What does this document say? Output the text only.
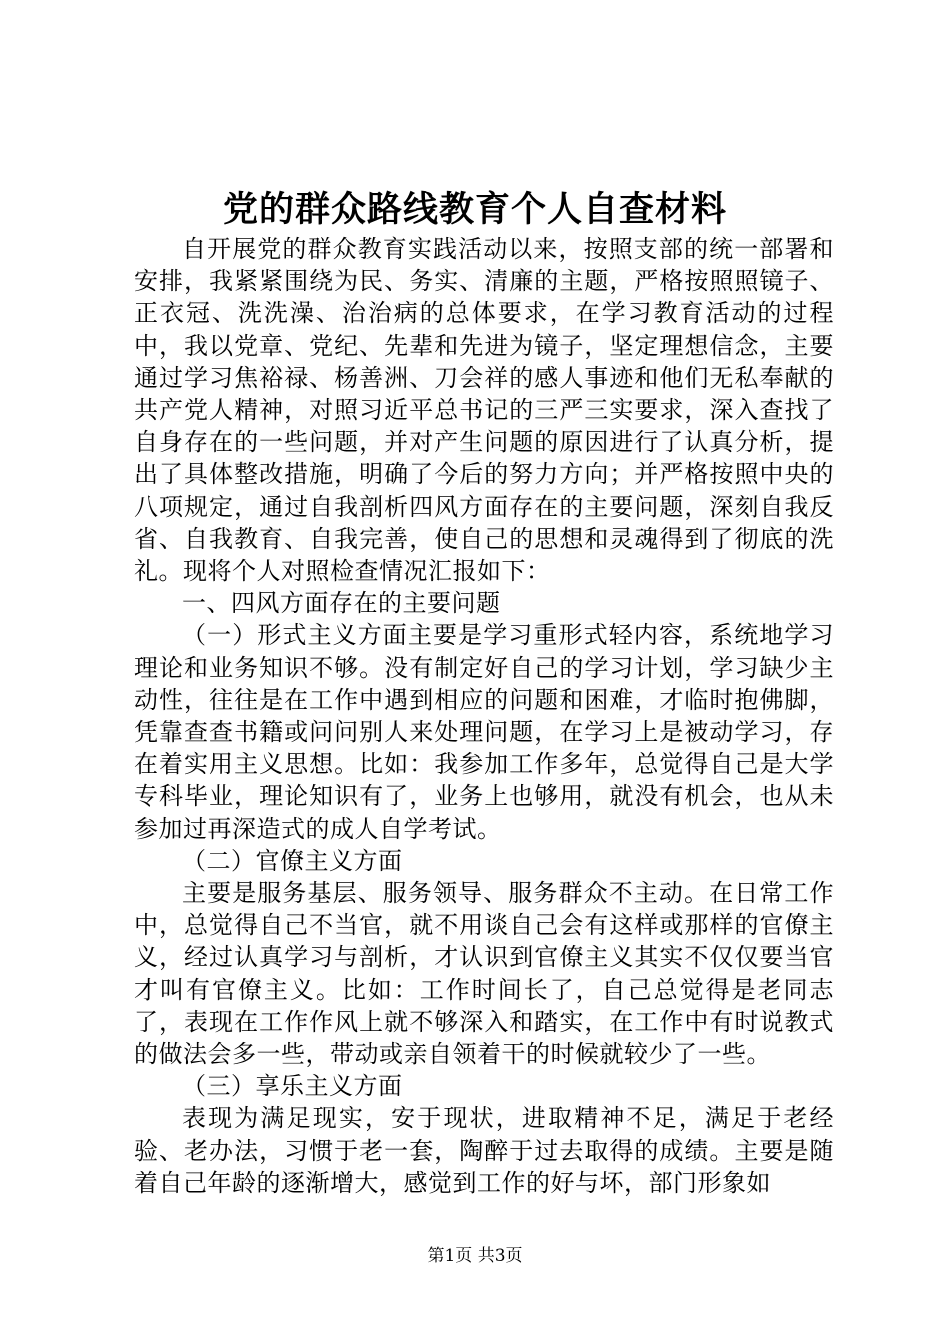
党的群众路线教育个人自查材料

自开展党的群众教育实践活动以来，按照支部的统一部署和安排，我紧紧围绕为民、务实、清廉的主题，严格按照照镜子、正衣冠、洗洗澡、治治病的总体要求，在学习教育活动的过程中，我以党章、党纪、先辈和先进为镜子，坚定理想信念，主要通过学习焦裕禄、杨善洲、刀会祥的感人事迹和他们无私奉献的共产党人精神，对照习近平总书记的三严三实要求，深入查找了自身存在的一些问题，并对产生问题的原因进行了认真分析，提出了具体整改措施，明确了今后的努力方向；并严格按照中央的八项规定，通过自我剖析四风方面存在的主要问题，深刻自我反省、自我教育、自我完善，使自己的思想和灵魂得到了彻底的洗礼。现将个人对照检查情况汇报如下：

一、四风方面存在的主要问题

（一）形式主义方面主要是学习重形式轻内容，系统地学习理论和业务知识不够。没有制定好自己的学习计划，学习缺少主动性，往往是在工作中遇到相应的问题和困难，才临时抱佛脚，凭靠查查书籍或问问别人来处理问题，在学习上是被动学习，存在着实用主义思想。比如：我参加工作多年，总觉得自己是大学专科毕业，理论知识有了，业务上也够用，就没有机会，也从未参加过再深造式的成人自学考试。

（二）官僚主义方面

主要是服务基层、服务领导、服务群众不主动。在日常工作中，总觉得自己不当官，就不用谈自己会有这样或那样的官僚主义，经过认真学习与剖析，才认识到官僚主义其实不仅仅要当官才叫有官僚主义。比如：工作时间长了，自己总觉得是老同志了，表现在工作作风上就不够深入和踏实，在工作中有时说教式的做法会多一些，带动或亲自领着干的时候就较少了一些。

（三）享乐主义方面

表现为满足现实，安于现状，进取精神不足，满足于老经验、老办法，习惯于老一套，陶醉于过去取得的成绩。主要是随着自己年龄的逐渐增大，感觉到工作的好与坏，部门形象如

第1页 共3页
